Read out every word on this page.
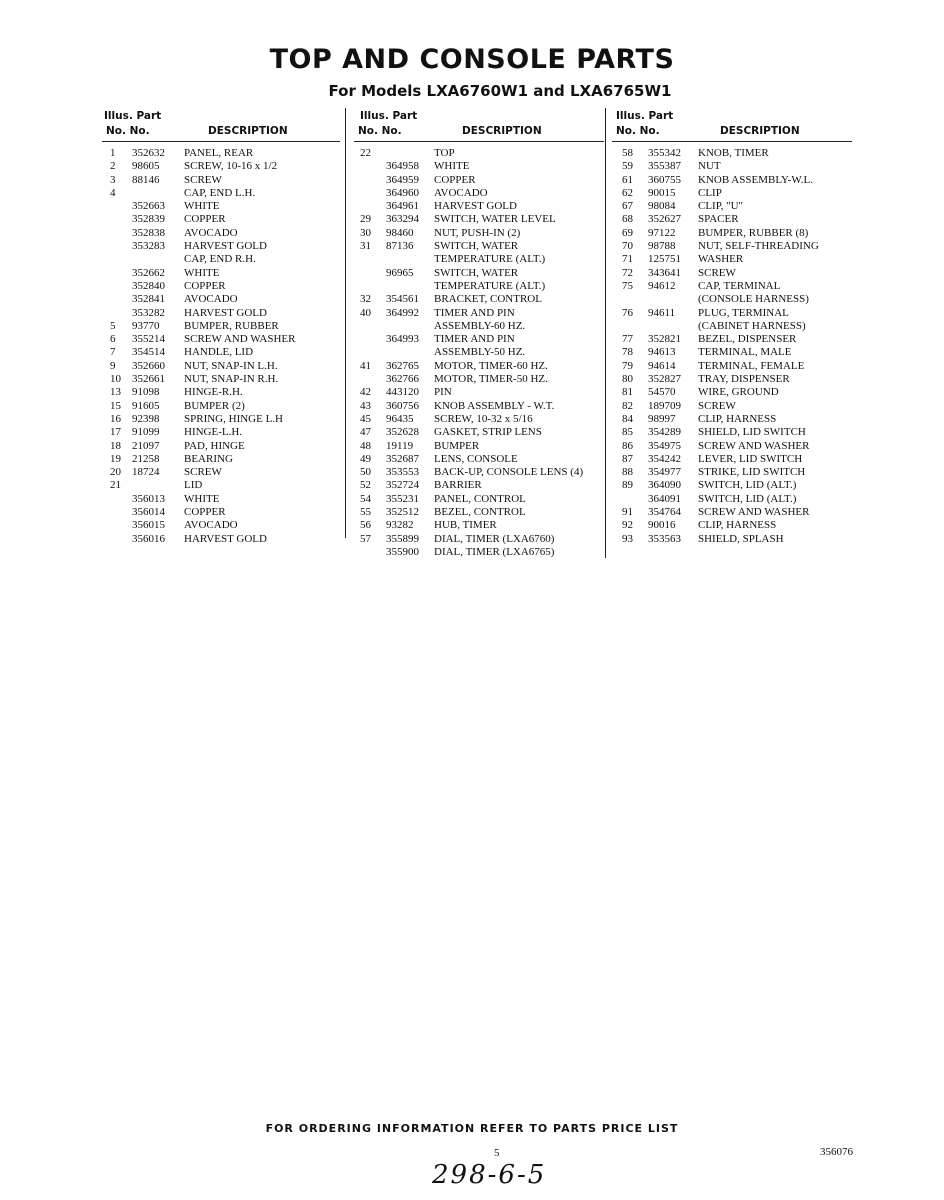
TOP AND CONSOLE PARTS
For Models LXA6760W1 and LXA6765W1
Illus. Part
No. No.	DESCRIPTION
1 352632 PANEL, REAR
2 98605 SCREW, 10-16 x 1/2
3 88146 SCREW
4	CAP, END L.H.
352663 WHITE
352839 COPPER
352838 AVOCADO
353283 HARVEST GOLD
CAP, END R.H.
352662 WHITE
352840 COPPER
352841 AVOCADO
353282 HARVEST GOLD
5 93770 BUMPER, RUBBER
6 355214 SCREW AND WASHER
7 354514 HANDLE, LID
9 352660 NUT, SNAP-IN L.H.
10 352661 NUT, SNAP-IN R.H.
13 91098 HINGE-R.H.
15 91605 BUMPER (2)
16 92398 SPRING, HINGE L.H
17 91099 HINGE-L.H.
18 21097 PAD, HINGE
19 21258 BEARING
20 18724 SCREW
21	LID
356013 WHITE
356014 COPPER
356015 AVOCADO
356016 HARVEST GOLD
Illus. Part
No. No.	DESCRIPTION
22	TOP
364958 WHITE
364959 COPPER
364960 AVOCADO
364961 HARVEST GOLD
29 363294 SWITCH, WATER LEVEL
30 98460 NUT, PUSH-IN (2)
31 87136 SWITCH, WATER
TEMPERATURE (ALT.)
96965 SWITCH, WATER
TEMPERATURE (ALT.)
32 354561 BRACKET, CONTROL
40 364992 TIMER AND PIN
ASSEMBLY-60 HZ.
364993 TIMER AND PIN
ASSEMBLY-50 HZ.
41 362765 MOTOR, TIMER-60 HZ.
362766 MOTOR, TIMER-50 HZ.
42 443120 PIN
43 360756 KNOB ASSEMBLY - W.T.
45 96435 SCREW, 10-32 x 5/16
47 352628 GASKET, STRIP LENS
48 19119 BUMPER
49 352687 LENS, CONSOLE
50 353553 BACK-UP, CONSOLE LENS (4)
52 352724 BARRIER
54 355231 PANEL, CONTROL
55 352512 BEZEL, CONTROL
56 93282 HUB, TIMER
57 355899 DIAL, TIMER (LXA6760)
355900 DIAL, TIMER (LXA6765)
Illus. Part
No. No.	DESCRIPTION
58 355342 KNOB, TIMER
59 355387 NUT
61 360755 KNOB ASSEMBLY-W.L.
62 90015 CLIP
67 98084 CLIP, "U"
68 352627 SPACER
69 97122 BUMPER, RUBBER (8)
70 98788 NUT, SELF-THREADING
71 125751 WASHER
72 343641 SCREW
75 94612 CAP, TERMINAL
(CONSOLE HARNESS)
76 94611 PLUG, TERMINAL
(CABINET HARNESS)
77 352821 BEZEL, DISPENSER
78 94613 TERMINAL, MALE
79 94614 TERMINAL, FEMALE
80 352827 TRAY, DISPENSER
81 54570 WIRE, GROUND
82 189709 SCREW
84 98997 CLIP, HARNESS
85 354289 SHIELD, LID SWITCH
86 354975 SCREW AND WASHER
87 354242 LEVER, LID SWITCH
88 354977 STRIKE, LID SWITCH
89 364090 SWITCH, LID (ALT.)
364091 SWITCH, LID (ALT.)
91 354764 SCREW AND WASHER
92 90016 CLIP, HARNESS
93 353563 SHIELD, SPLASH
FOR ORDERING INFORMATION REFER TO PARTS PRICE LIST
5	356076
298-6-5
